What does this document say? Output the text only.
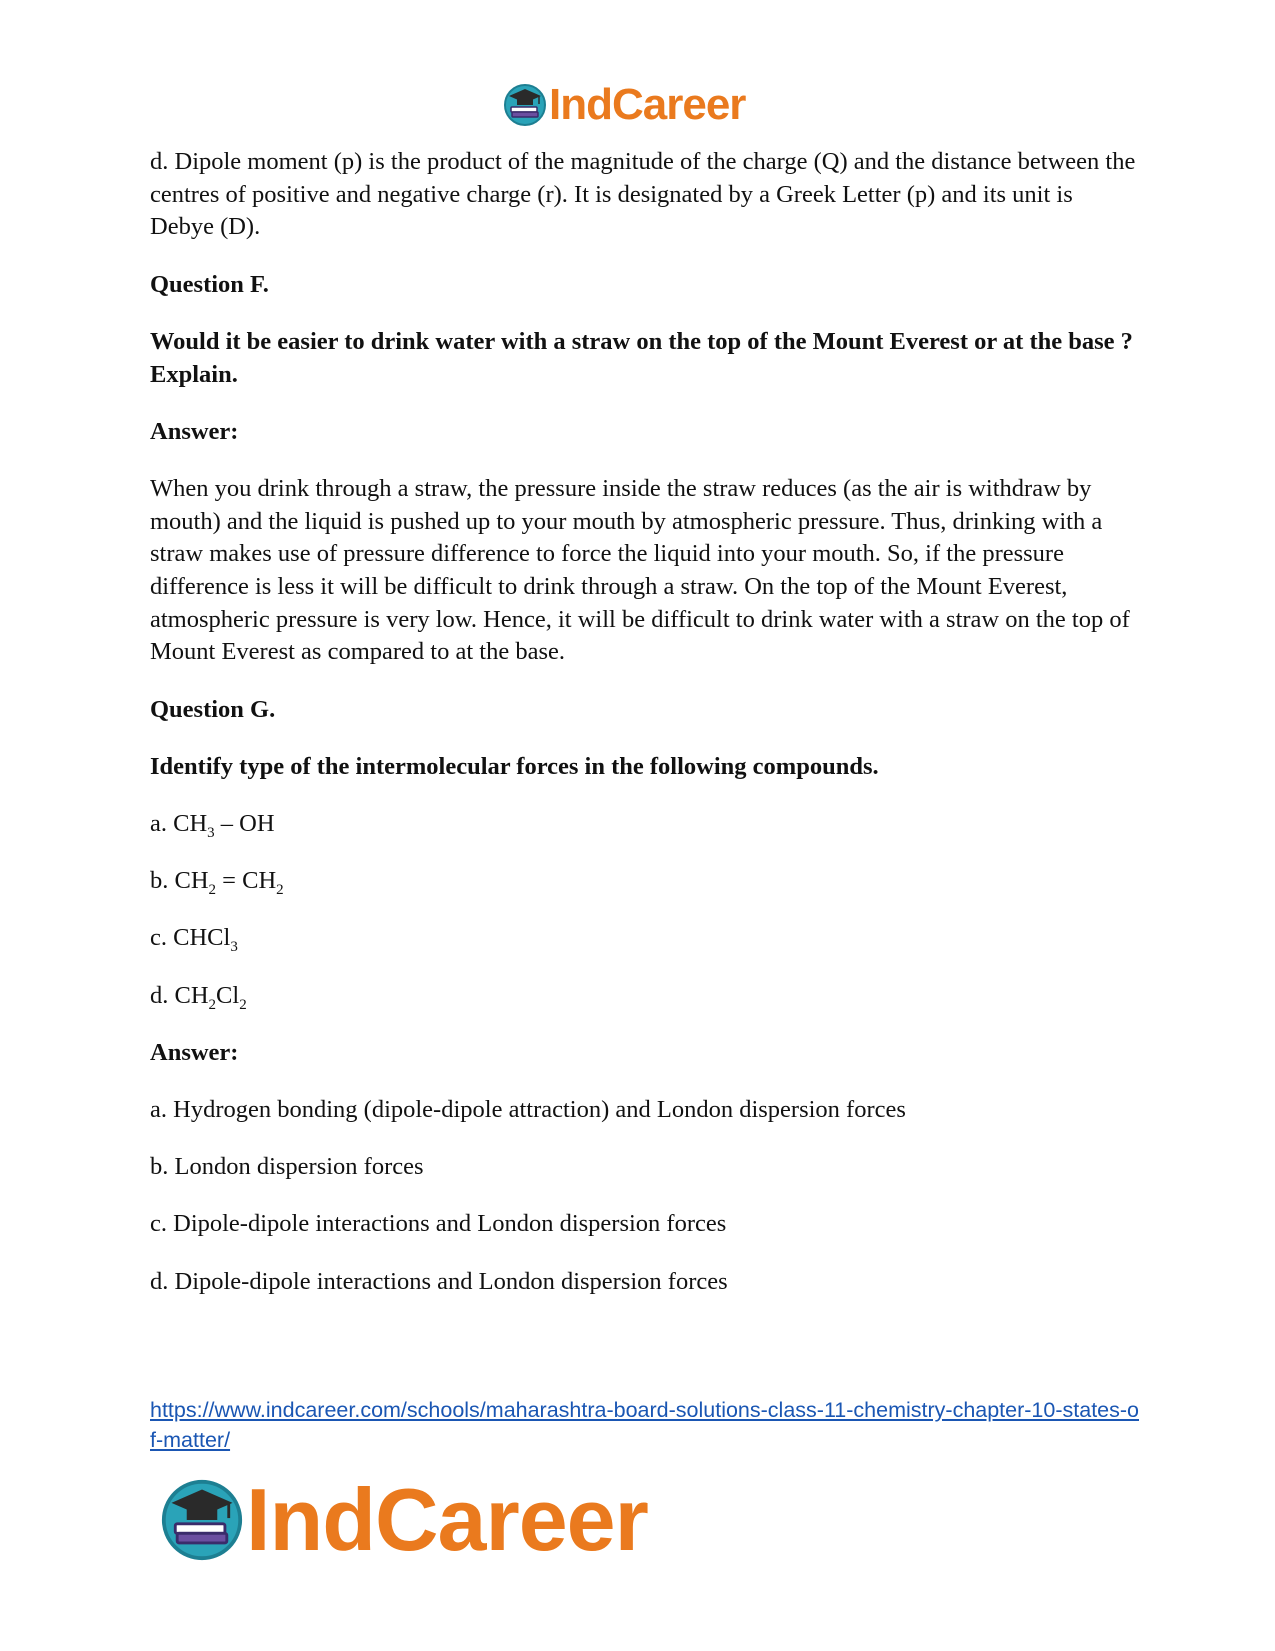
IndCareer

d. Dipole moment (p) is the product of the magnitude of the charge (Q) and the distance between the centres of positive and negative charge (r). It is designated by a Greek Letter (p) and its unit is Debye (D).

Question F.

Would it be easier to drink water with a straw on the top of the Mount Everest or at the base ? Explain.

Answer:

When you drink through a straw, the pressure inside the straw reduces (as the air is withdraw by mouth) and the liquid is pushed up to your mouth by atmospheric pressure. Thus, drinking with a straw makes use of pressure difference to force the liquid into your mouth. So, if the pressure difference is less it will be difficult to drink through a straw. On the top of the Mount Everest, atmospheric pressure is very low. Hence, it will be difficult to drink water with a straw on the top of Mount Everest as compared to at the base.

Question G.

Identify type of the intermolecular forces in the following compounds.

a. $CH_3$ – OH

b. $CH_2 = CH_2$

c. CHCl$_3$

d. $CH_2Cl_2$

Answer:

a. Hydrogen bonding (dipole-dipole attraction) and London dispersion forces

b. London dispersion forces

c. Dipole-dipole interactions and London dispersion forces

d. Dipole-dipole interactions and London dispersion forces

https://www.indcareer.com/schools/maharashtra-board-solutions-class-11-chemistry-chapter-10-states-of-matter/
IndCareer
